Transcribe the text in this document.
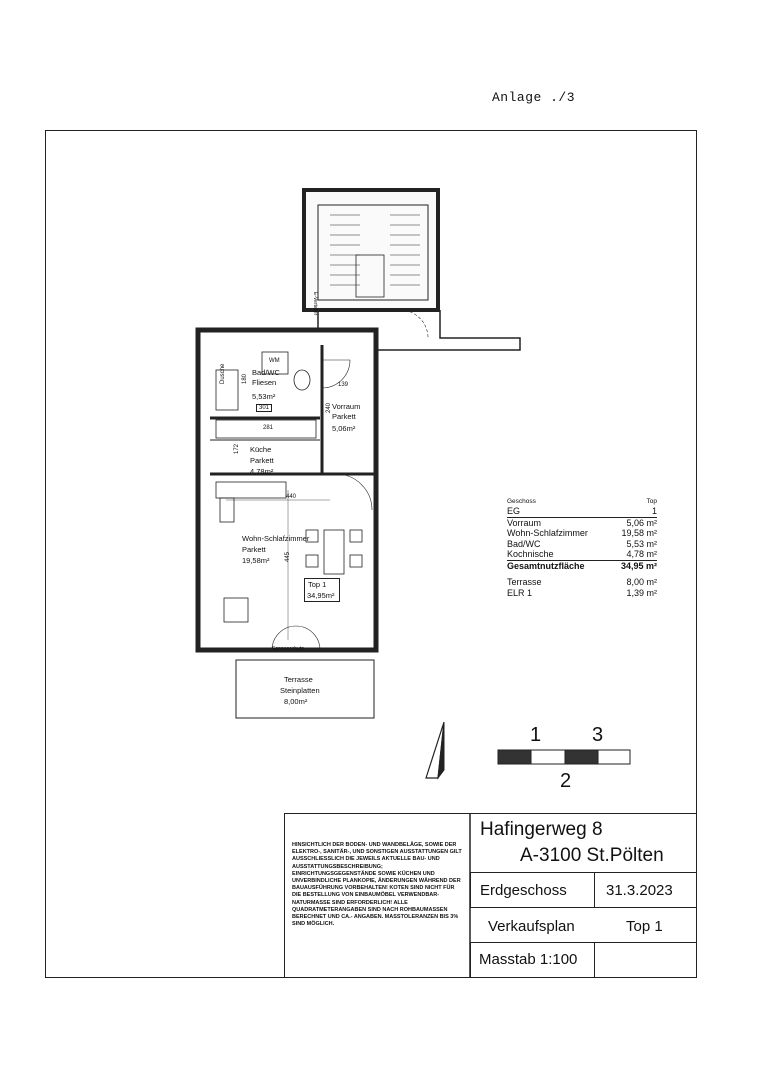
Anlage ./3
Bad/WC
Fliesen
5,53m²
WM
Dusche
139
301
281
172
240
180
440
445
E-Verteiler
Vorraum
Parkett
5,06m²
Küche
Parkett
4,78m²
Wohn-Schlafzimmer
Parkett
19,58m²
Top 1
34,95m²
Sonnenschutz
Terrasse
Steinplatten
8,00m²
Geschoss	Top
EG	1
Vorraum	5,06 m²
Wohn-Schlafzimmer	19,58 m²
Bad/WC	5,53 m²
Kochnische	4,78 m²
Gesamtnutzfläche	34,95 m²
Terrasse	8,00 m²
ELR 1	1,39 m²
1	3
2
HINSICHTLICH DER BODEN- UND WANDBELÄGE, SOWIE DER ELEKTRO-, SANITÄR-, UND SONSTIGEN AUSSTATTUNGEN GILT AUSSCHLIESSLICH DIE JEWEILS AKTUELLE BAU- UND AUSSTATTUNGSBESCHREIBUNG; EINRICHTUNGSGEGENSTÄNDE SOWIE KÜCHEN UND UNVERBINDLICHE PLANKOPIE, ÄNDERUNGEN WÄHREND DER BAUAUSFÜHRUNG VORBEHALTEN! KOTEN SIND NICHT FÜR DIE BESTELLUNG VON EINBAUMÖBEL VERWENDBAR- NATURMASSE SIND ERFORDERLICH! ALLE QUADRATMETERANGABEN SIND NACH ROHBAUMASSEN BERECHNET UND CA.- ANGABEN. MASSTOLERANZEN BIS 3% SIND MÖGLICH.
Hafingerweg 8
A-3100 St.Pölten
Erdgeschoss	31.3.2023
Verkaufsplan	Top 1
Masstab 1:100
